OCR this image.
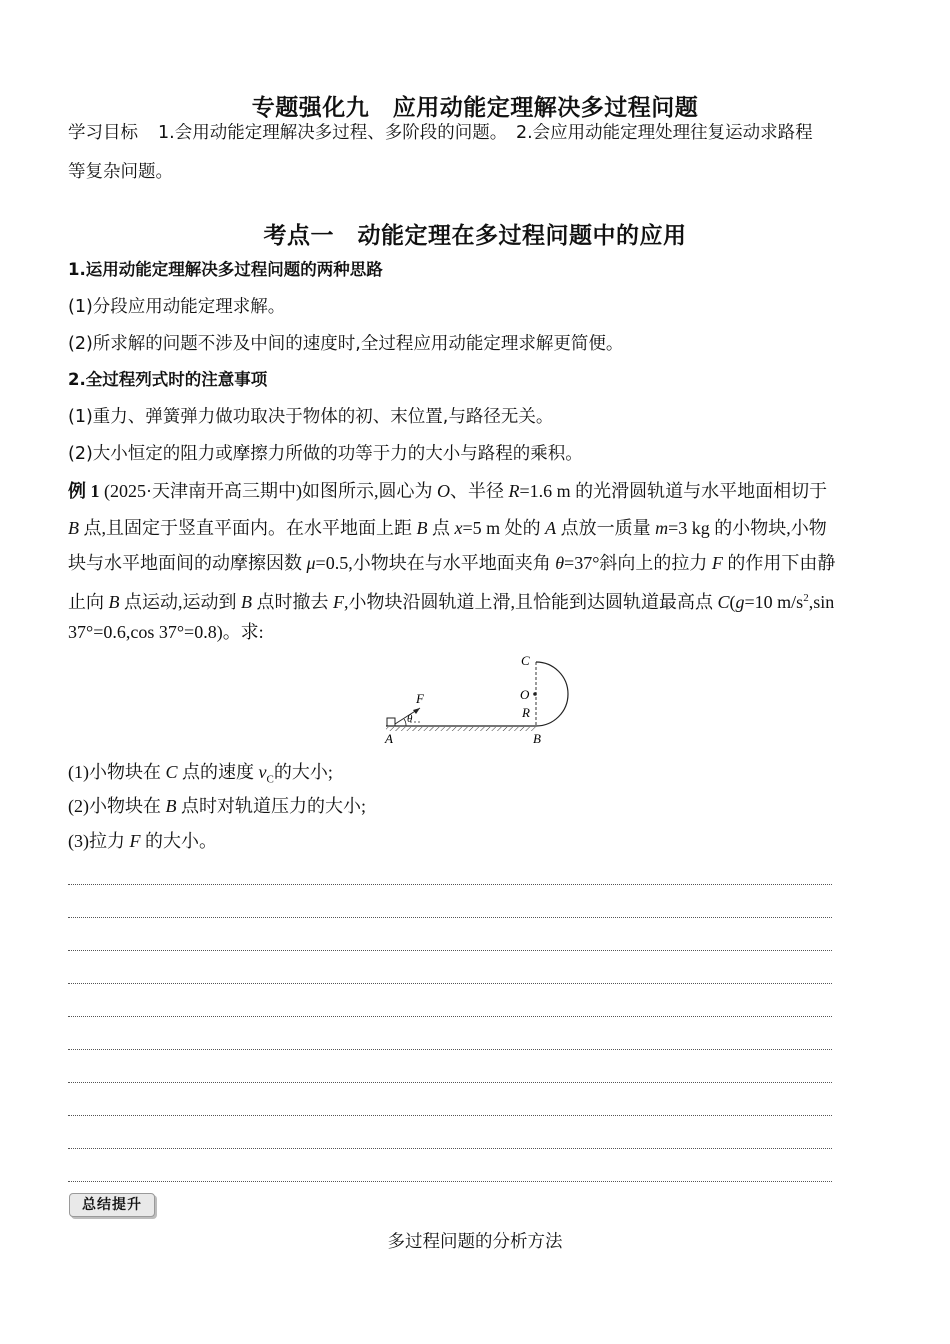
专题强化九　应用动能定理解决多过程问题
学习目标 1.会用动能定理解决多过程、多阶段的问题。　2.会应用动能定理处理往复运动求路程
等复杂问题。
考点一　动能定理在多过程问题中的应用
1.运用动能定理解决多过程问题的两种思路
(1)分段应用动能定理求解。
(2)所求解的问题不涉及中间的速度时,全过程应用动能定理求解更简便。
2.全过程列式时的注意事项
(1)重力、弹簧弹力做功取决于物体的初、末位置,与路径无关。
(2)大小恒定的阻力或摩擦力所做的功等于力的大小与路程的乘积。
例 1 (2025·天津南开高三期中)如图所示,圆心为 O、半径 R=1.6 m 的光滑圆轨道与水平地面相切于
B 点,且固定于竖直平面内。在水平地面上距 B 点 x=5 m 处的 A 点放一质量 m=3 kg 的小物块,小物
块与水平地面间的动摩擦因数 μ=0.5,小物块在与水平地面夹角 θ=37°斜向上的拉力 F 的作用下由静
止向 B 点运动,运动到 B 点时撤去 F,小物块沿圆轨道上滑,且恰能到达圆轨道最高点 C(g=10 $m/s^2,\sin$
37°=0.6,cos 37°=0.8)。求:
C
O
R
F
θ
A	B
(1)小物块在 C 点的速度 $v_C$的大小;
(2)小物块在 B 点时对轨道压力的大小;
(3)拉力 F 的大小。
总结提升
多过程问题的分析方法
